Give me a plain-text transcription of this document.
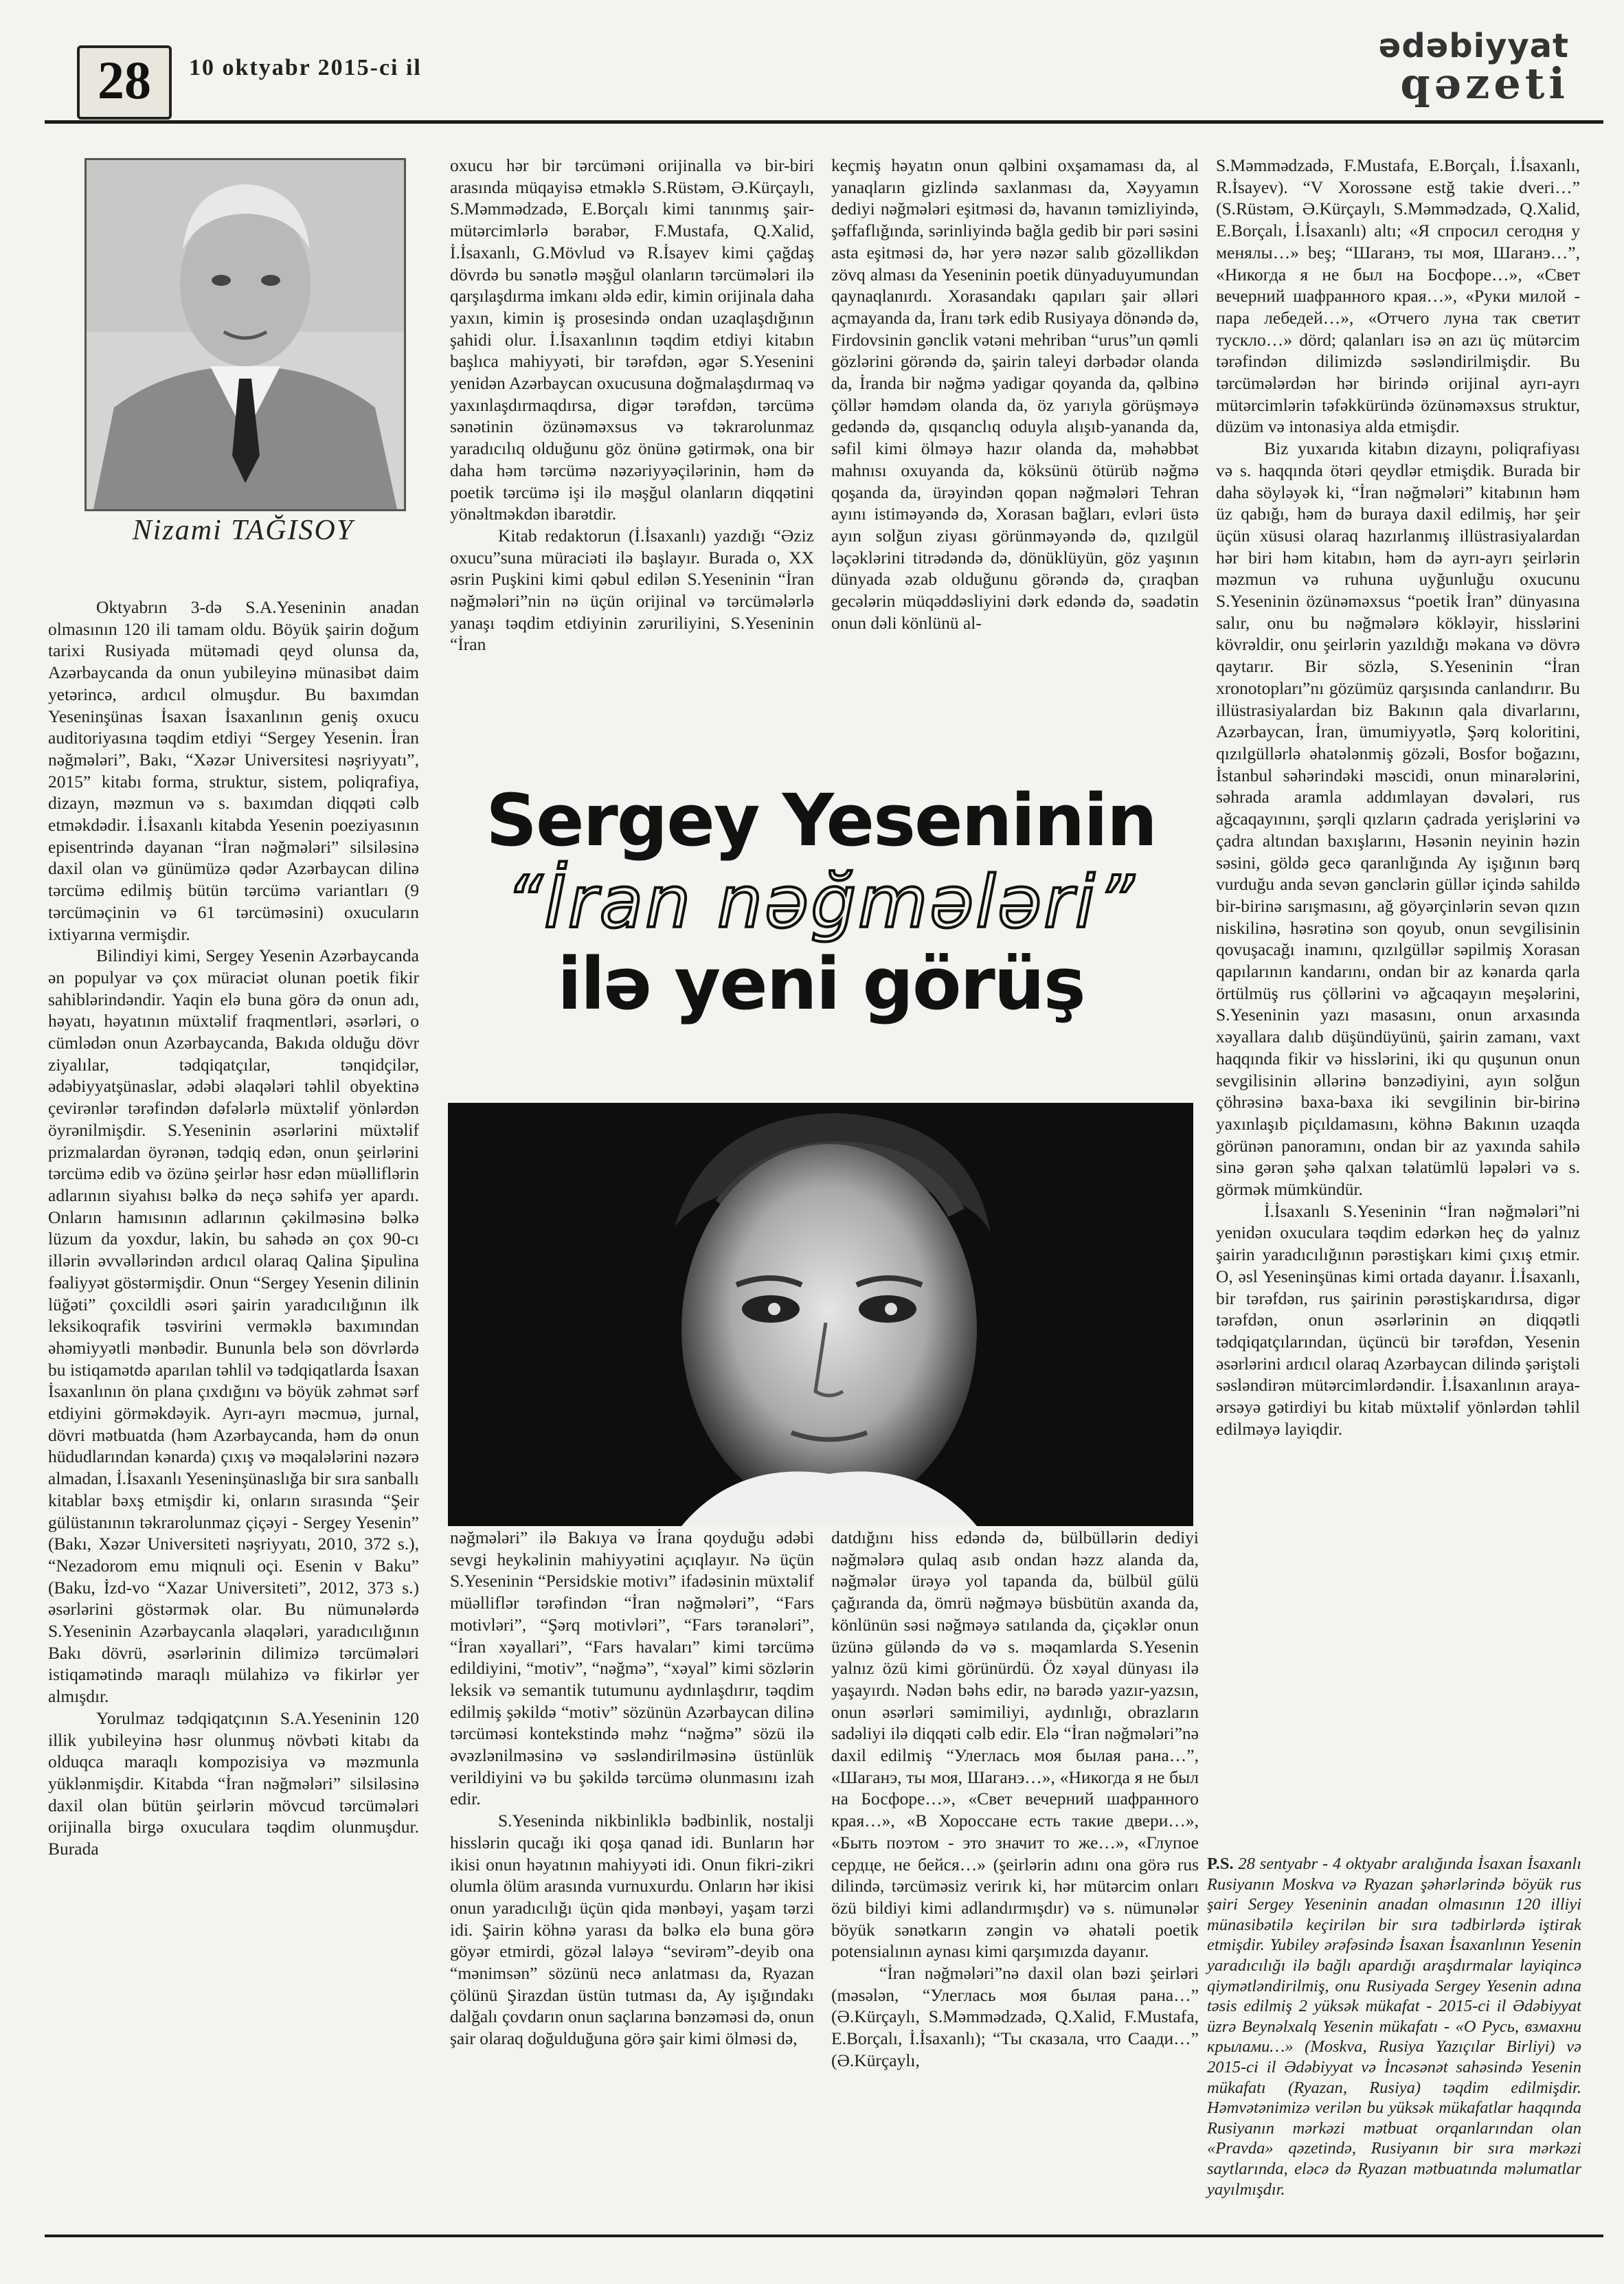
28	10 oktyabr 2015-ci il
ədəbiyyat
qəzeti
Nizami TAĞISOY

Oktyabrın 3-də S.A.Yeseninin anadan olmasının 120 ili tamam oldu. Böyük şairin doğum tarixi Rusiyada mütəmadi qeyd olunsa da, Azərbaycanda da onun yubileyinə münasibət daim yetərincə, ardıcıl olmuşdur. Bu baxımdan Yeseninşünas İsaxan İsaxanlının geniş oxucu auditoriyasına təqdim etdiyi “Sergey Yesenin. İran nəğmələri”, Bakı, “Xəzər Universitesi nəşriyyatı”, 2015” kitabı forma, struktur, sistem, poliqrafiya, dizayn, məzmun və s. baxımdan diqqəti cəlb etməkdədir. İ.İsaxanlı kitabda Yesenin poeziyasının episentrində dayanan “İran nəğmələri” silsiləsinə daxil olan və günümüzə qədər Azərbaycan dilinə tərcümə edilmiş bütün tərcümə variantları (9 tərcüməçinin və 61 tərcüməsini) oxucuların ixtiyarına vermişdir.

Bilindiyi kimi, Sergey Yesenin Azərbaycanda ən populyar və çox müraciət olunan poetik fikir sahiblərindəndir. Yaqin elə buna görə də onun adı, həyatı, həyatının müxtəlif fraqmentləri, əsərləri, o cümlədən onun Azərbaycanda, Bakıda olduğu dövr ziyalılar, tədqiqatçılar, tənqidçilər, ədəbiyyatşünaslar, ədəbi əlaqələri təhlil obyektinə çevirənlər tərəfindən dəfələrlə müxtəlif yönlərdən öyrənilmişdir. S.Yeseninin əsərlərini müxtəlif prizmalardan öyrənən, tədqiq edən, onun şeirlərini tərcümə edib və özünə şeirlər həsr edən müəlliflərin adlarının siyahısı bəlkə də neçə səhifə yer apardı. Onların hamısının adlarının çəkilməsinə bəlkə lüzum da yoxdur, lakin, bu sahədə ən çox 90-cı illərin əvvəllərindən ardıcıl olaraq Qalina Şipulina fəaliyyət göstərmişdir. Onun “Sergey Yesenin dilinin lüğəti” çoxcildli əsəri şairin yaradıcılığının ilk leksikoqrafik təsvirini verməklə baxımından əhəmiyyətli mənbədir. Bununla belə son dövrlərdə bu istiqamətdə aparılan təhlil və tədqiqatlarda İsaxan İsaxanlının ön plana çıxdığını və böyük zəhmət sərf etdiyini görməkdəyik. Ayrı-ayrı məcmuə, jurnal, dövri mətbuatda (həm Azərbaycanda, həm də onun hüdudlarından kənarda) çıxış və məqalələrini nəzərə almadan, İ.İsaxanlı Yeseninşünaslığa bir sıra sanballı kitablar bəxş etmişdir ki, onların sırasında “Şeir gülüstanının təkrarolunmaz çiçəyi - Sergey Yesenin” (Bakı, Xəzər Universiteti nəşriyyatı, 2010, 372 s.), “Nezadorom emu miqnuli oçi. Esenin v Baku” (Baku, İzd-vo “Xazar Universiteti”, 2012, 373 s.) əsərlərini göstərmək olar. Bu nümunələrdə S.Yeseninin Azərbaycanla əlaqələri, yaradıcılığının Bakı dövrü, əsərlərinin dilimizə tərcümələri istiqamətində maraqlı mülahizə və fikirlər yer almışdır.

Yorulmaz tədqiqatçının S.A.Yeseninin 120 illik yubileyinə həsr olunmuş növbəti kitabı da olduqca maraqlı kompozisiya və məzmunla yüklənmişdir. Kitabda “İran nəğmələri” silsiləsinə daxil olan bütün şeirlərin mövcud tərcümələri orijinalla birgə oxuculara təqdim olunmuşdur. Burada

oxucu hər bir tərcüməni orijinalla və bir-biri arasında müqayisə etməklə S.Rüstəm, Ə.Kürçaylı, S.Məmmədzadə, E.Borçalı kimi tanınmış şair-mütərcimlərlə bərabər, F.Mustafa, Q.Xalid, İ.İsaxanlı, G.Mövlud və R.İsayev kimi çağdaş dövrdə bu sənətlə məşğul olanların tərcümələri ilə qarşılaşdırma imkanı əldə edir, kimin orijinala daha yaxın, kimin iş prosesində ondan uzaqlaşdığının şahidi olur. İ.İsaxanlının təqdim etdiyi kitabın başlıca mahiyyəti, bir tərəfdən, əgər S.Yesenini yenidən Azərbaycan oxucusuna doğmalaşdırmaq və yaxınlaşdırmaqdırsa, digər tərəfdən, tərcümə sənətinin özünəməxsus və təkrarolunmaz yaradıcılıq olduğunu göz önünə gətirmək, ona bir daha həm tərcümə nəzəriyyəçilərinin, həm də poetik tərcümə işi ilə məşğul olanların diqqətini yönəltməkdən ibarətdir.

Kitab redaktorun (İ.İsaxanlı) yazdığı “Əziz oxucu”suna müraciəti ilə başlayır. Burada o, XX əsrin Puşkini kimi qəbul edilən S.Yeseninin “İran nəğmələri”nin nə üçün orijinal və tərcümələrlə yanaşı təqdim etdiyinin zəruriliyini, S.Yeseninin “İran

keçmiş həyatın onun qəlbini oxşamaması da, al yanaqların gizlində saxlanması da, Xəyyamın dediyi nəğmələri eşitməsi də, havanın təmizliyində, şəffaflığında, sərinliyində bağla gedib bir pəri səsini asta eşitməsi də, hər yerə nəzər salıb gözəllikdən zövq alması da Yeseninin poetik dünyaduyumundan qaynaqlanırdı. Xorasandakı qapıları şair əlləri açmayanda da, İranı tərk edib Rusiyaya dönəndə də, Firdovsinin gənclik vətəni mehriban “urus”un qəmli gözlərini görəndə də, şairin taleyi dərbədər olanda da, İranda bir nəğmə yadigar qoyanda da, qəlbinə çöllər həmdəm olanda da, öz yarıyla görüşməyə gedəndə də, qısqanclıq oduyla alışıb-yananda da, səfil kimi ölməyə hazır olanda da, məhəbbət mahnısı oxuyanda da, köksünü ötürüb nəğmə qoşanda da, ürəyindən qopan nəğmələri Tehran ayını istiməyəndə də, Xorasan bağları, evləri üstə ayın solğun ziyası görünməyəndə də, qızılgül ləçəklərini titrədəndə də, dönüklüyün, göz yaşının dünyada əzab olduğunu görəndə də, çıraqban gecələrin müqəddəsliyini dərk edəndə də, səadətin onun dəli könlünü al-

Sergey Yeseninin
“İran nəğmələri”
ilə yeni görüş

nəğmələri” ilə Bakıya və İrana qoyduğu ədəbi sevgi heykəlinin mahiyyətini açıqlayır. Nə üçün S.Yeseninin “Persidskie motivı” ifadəsinin müxtəlif müəlliflər tərəfindən “İran nəğmələri”, “Fars motivləri”, “Şərq motivləri”, “Fars təranələri”, “İran xəyallari”, “Fars havaları” kimi tərcümə edildiyini, “motiv”, “nəğmə”, “xəyal” kimi sözlərin leksik və semantik tutumunu aydınlaşdırır, təqdim edilmiş şəkildə “motiv” sözünün Azərbaycan dilinə tərcüməsi kontekstində məhz “nəğmə” sözü ilə əvəzlənilməsinə və səsləndirilməsinə üstünlük verildiyini və bu şəkildə tərcümə olunmasını izah edir.

S.Yeseninda nikbinliklə bədbinlik, nostalji hisslərin qucağı iki qoşa qanad idi. Bunların hər ikisi onun həyatının mahiyyəti idi. Onun fikri-zikri olumla ölüm arasında vurnuxurdu. Onların hər ikisi onun yaradıcılığı üçün qida mənbəyi, yaşam tərzi idi. Şairin köhnə yarası da bəlkə elə buna görə göyər etmirdi, gözəl laləyə “sevirəm”-deyib ona “mənimsən” sözünü necə anlatması da, Ryazan çölünü Şirazdan üstün tutması da, Ay işığındakı dalğalı çovdarın onun saçlarına bənzəməsi də, onun şair olaraq doğulduğuna görə şair kimi ölməsi də,

datdığını hiss edəndə də, bülbüllərin dediyi nəğmələrə qulaq asıb ondan həzz alanda da, nəğmələr ürəyə yol tapanda da, bülbül gülü çağıranda da, ömrü nəğməyə büsbütün axanda da, könlünün səsi nəğməyə satılanda da, çiçəklər onun üzünə güləndə də və s. məqamlarda S.Yesenin yalnız özü kimi görünürdü. Öz xəyal dünyası ilə yaşayırdı. Nədən bəhs edir, nə barədə yazır-yazsın, onun əsərləri səmimiliyi, aydınlığı, obrazların sadəliyi ilə diqqəti cəlb edir. Elə “İran nəğmələri”nə daxil edilmiş “Улеглась моя былая рана…”, «Шаганэ, ты моя, Шаганэ…», «Никогда я не был на Босфоре…», «Свет вечерний шафранного края…», «В Хоросcане есть такие двери…», «Быть поэтом - это значит то же…», «Глупое сердце, не бейся…» (şeirlərin adını ona görə rus dilində, tərcüməsiz verirık ki, hər mütərcim onları özü bildiyi kimi adlandırmışdır) və s. nümunələr böyük sənətkarın zəngin və əhatəli poetik potensialının aynası kimi qarşımızda dayanır.

“İran nəğmələri”nə daxil olan bəzi şeirləri (məsələn, “Улеглась моя былая рана…” (Ə.Kürçaylı, S.Məmmədzadə, Q.Xalid, F.Mustafa, E.Borçalı, İ.İsaxanlı); “Ты сказала, что Саади…” (Ə.Kürçaylı,

S.Məmmədzadə, F.Mustafa, E.Borçalı, İ.İsaxanlı, R.İsayev). “V Xorossəne estğ takie dveri…” (S.Rüstəm, Ə.Kürçaylı, S.Məmmədzadə, Q.Xalid, E.Borçalı, İ.İsaxanlı) altı; «Я спросил сегодня у менялы…» beş; “Шаганэ, ты моя, Шаганэ…”, «Никогда я не был на Босфоре…», «Свет вечерний шафранного края…», «Руки милой - пара лебедей…», «Отчего луна так светит тускло…» dörd; qalanları isə ən azı üç mütərcim tərəfindən dilimizdə səsləndirilmişdir. Bu tərcümələrdən hər birində orijinal ayrı-ayrı mütərcimlərin təfəkküründə özünəməxsus struktur, düzüm və intonasiya alda etmişdir.

Biz yuxarıda kitabın dizaynı, poliqrafiyası və s. haqqında ötəri qeydlər etmişdik. Burada bir daha söyləyək ki, “İran nəğmələri” kitabının həm üz qabığı, həm də buraya daxil edilmiş, hər şeir üçün xüsusi olaraq hazırlanmış illüstrasiyalardan hər biri həm kitabın, həm də ayrı-ayrı şeirlərin məzmun və ruhuna uyğunluğu oxucunu S.Yeseninin özünəməxsus “poetik İran” dünyasına salır, onu bu nəğmələrə kökləyir, hisslərini kövrəldir, onu şeirlərin yazıldığı məkana və dövrə qaytarır. Bir sözlə, S.Yeseninin “İran xronotopları”nı gözümüz qarşısında canlandırır. Bu illüstrasiyalardan biz Bakının qala divarlarını, Azərbaycan, İran, ümumiyyətlə, Şərq koloritini, qızılgüllərlə əhatələnmiş gözəli, Bosfor boğazını, İstanbul səhərindəki məscidi, onun minarələrini, səhrada aramla addımlayan dəvələri, rus ağcaqayınını, şərqli qızların çadrada yerişlərini və çadra altından baxışlarını, Həsənin neyinin həzin səsini, göldə gecə qaranlığında Ay işığının bərq vurduğu anda sevən gənclərin güllər içində sahildə bir-birinə sarışmasını, ağ göyərçinlərin sevən qızın niskilinə, həsrətinə son qoyub, onun sevgilisinin qovuşacağı inamını, qızılgüllər səpilmiş Xorasan qapılarının kandarını, ondan bir az kənarda qarla örtülmüş rus çöllərini və ağcaqayın meşələrini, S.Yeseninin yazı masasını, onun arxasında xəyallara dalıb düşündüyünü, şairin zamanı, vaxt haqqında fikir və hisslərini, iki qu quşunun onun sevgilisinin əllərinə bənzədiyini, ayın solğun çöhrəsinə baxa-baxa iki sevgilinin bir-birinə yaxınlaşıb piçıldamasını, köhnə Bakının uzaqda görünən panoramını, ondan bir az yaxında sahilə sinə gərən şəhə qalxan təlatümlü ləpələri və s. görmək mümkündür.

İ.İsaxanlı S.Yeseninin “İran nəğmələri”ni yenidən oxuculara təqdim edərkən heç də yalnız şairin yaradıcılığının pərəstişkarı kimi çıxış etmir. O, əsl Yeseninşünas kimi ortada dayanır. İ.İsaxanlı, bir tərəfdən, rus şairinin pərəstişkarıdırsa, digər tərəfdən, onun əsərlərinin ən diqqətli tədqiqatçılarından, üçüncü bir tərəfdən, Yesenin əsərlərini ardıcıl olaraq Azərbaycan dilində şəriştəli səsləndirən mütərcimlərdəndir. İ.İsaxanlının araya-ərsəyə gətirdiyi bu kitab müxtəlif yönlərdən təhlil edilməyə layiqdir.

P.S. 28 sentyabr - 4 oktyabr aralığında İsaxan İsaxanlı Rusiyanın Moskva və Ryazan şəhərlərində böyük rus şairi Sergey Yeseninin anadan olmasının 120 illiyi münasibətilə keçirilən bir sıra tədbirlərdə iştirak etmişdir. Yubiley ərəfəsində İsaxan İsaxanlının Yesenin yaradıcılığı ilə bağlı apardığı araşdırmalar layiqincə qiymətləndirilmiş, onu Rusiyada Sergey Yesenin adına təsis edilmiş 2 yüksək mükafat - 2015-ci il Ədəbiyyat üzrə Beynəlxalq Yesenin mükafatı - «О Русь, взмахни крылами…» (Moskva, Rusiya Yazıçılar Birliyi) və 2015-ci il Ədəbiyyat və İncəsənət sahəsində Yesenin mükafatı (Ryazan, Rusiya) təqdim edilmişdir. Həmvətənimizə verilən bu yüksək mükafatlar haqqında Rusiyanın mərkəzi mətbuat orqanlarından olan «Pravda» qəzetində, Rusiyanın bir sıra mərkəzi saytlarında, eləcə də Ryazan mətbuatında məlumatlar yayılmışdır.
